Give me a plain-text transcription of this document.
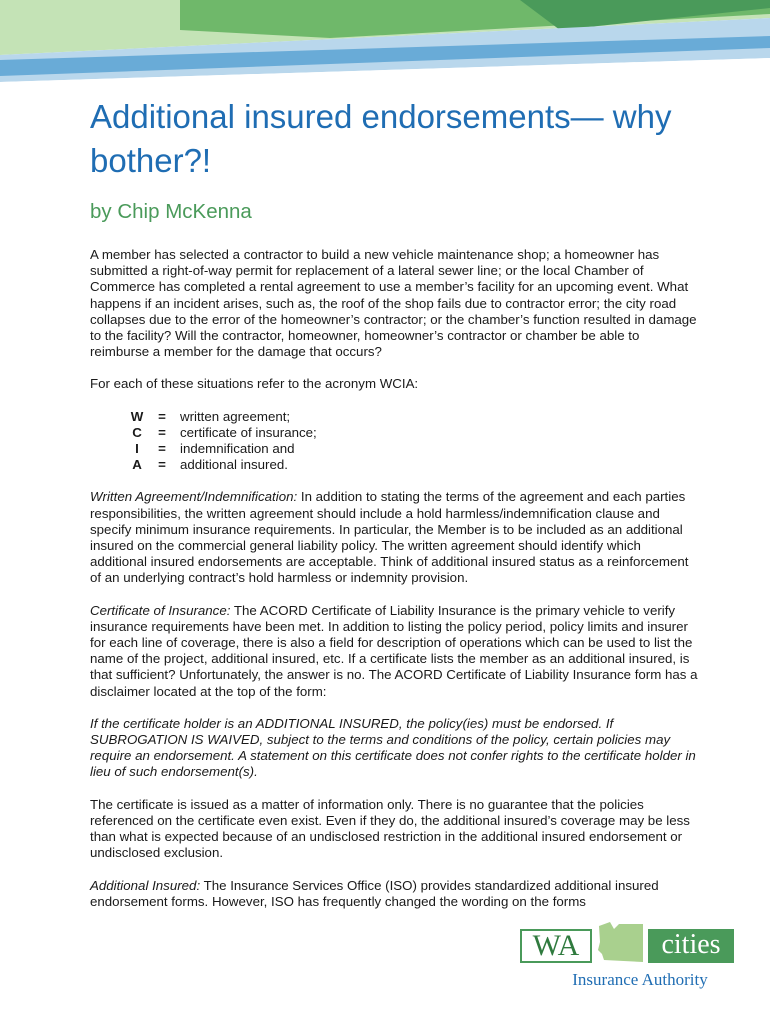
Additional insured endorsements— why bother?!
by Chip McKenna

A member has selected a contractor to build a new vehicle maintenance shop; a homeowner has submitted a right-of-way permit for replacement of a lateral sewer line; or the local Chamber of Commerce has completed a rental agreement to use a member’s facility for an upcoming event. What happens if an incident arises, such as, the roof of the shop fails due to contractor error; the city road collapses due to the error of the homeowner’s contractor; or the chamber’s function resulted in damage to the facility? Will the contractor, homeowner, homeowner’s contractor or chamber be able to reimburse a member for the damage that occurs?

For each of these situations refer to the acronym WCIA:

W	=	written agreement;
C	=	certificate of insurance;
I	=	indemnification and
A	=	additional insured.

Written Agreement/Indemnification: In addition to stating the terms of the agreement and each parties responsibilities, the written agreement should include a hold harmless/indemnification clause and specify minimum insurance requirements. In particular, the Member is to be included as an additional insured on the commercial general liability policy. The written agreement should identify which additional insured endorsements are acceptable. Think of additional insured status as a reinforcement of an underlying contract’s hold harmless or indemnity provision.

Certificate of Insurance: The ACORD Certificate of Liability Insurance is the primary vehicle to verify insurance requirements have been met. In addition to listing the policy period, policy limits and insurer for each line of coverage, there is also a field for description of operations which can be used to list the name of the project, additional insured, etc. If a certificate lists the member as an additional insured, is that sufficient? Unfortunately, the answer is no. The ACORD Certificate of Liability Insurance form has a disclaimer located at the top of the form:

If the certificate holder is an ADDITIONAL INSURED, the policy(ies) must be endorsed. If SUBROGATION IS WAIVED, subject to the terms and conditions of the policy, certain policies may require an endorsement. A statement on this certificate does not confer rights to the certificate holder in lieu of such endorsement(s).

The certificate is issued as a matter of information only. There is no guarantee that the policies referenced on the certificate even exist. Even if they do, the additional insured’s coverage may be less than what is expected because of an undisclosed restriction in the additional insured endorsement or undisclosed exclusion.

Additional Insured: The Insurance Services Office (ISO) provides standardized additional insured endorsement forms. However, ISO has frequently changed the wording on the forms

WA	cities
Insurance Authority
